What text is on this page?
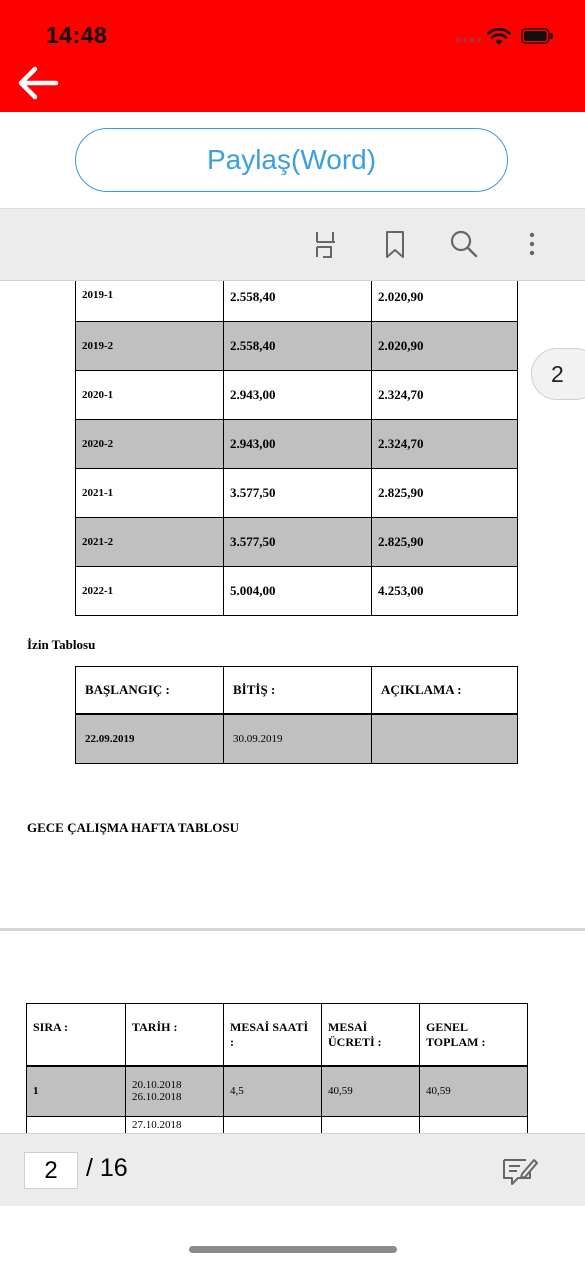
14:48
Paylaş(Word)
2019-1	2.558,40	2.020,90
2019-2	2.558,40	2.020,90
2020-1	2.943,00	2.324,70
2020-2	2.943,00	2.324,70
2021-1	3.577,50	2.825,90
2021-2	3.577,50	2.825,90
2022-1	5.004,00	4.253,00
İzin Tablosu
BAŞLANGIÇ :	BİTİŞ :	AÇIKLAMA :
22.09.2019	30.09.2019	
GECE ÇALIŞMA HAFTA TABLOSU
SIRA :	TARİH :	MESAİ SAATİ :	MESAİ ÜCRETİ :	GENEL TOPLAM :
1	20.10.2018 26.10.2018	4,5	40,59	40,59
	27.10.2018			
2
2	/ 16
